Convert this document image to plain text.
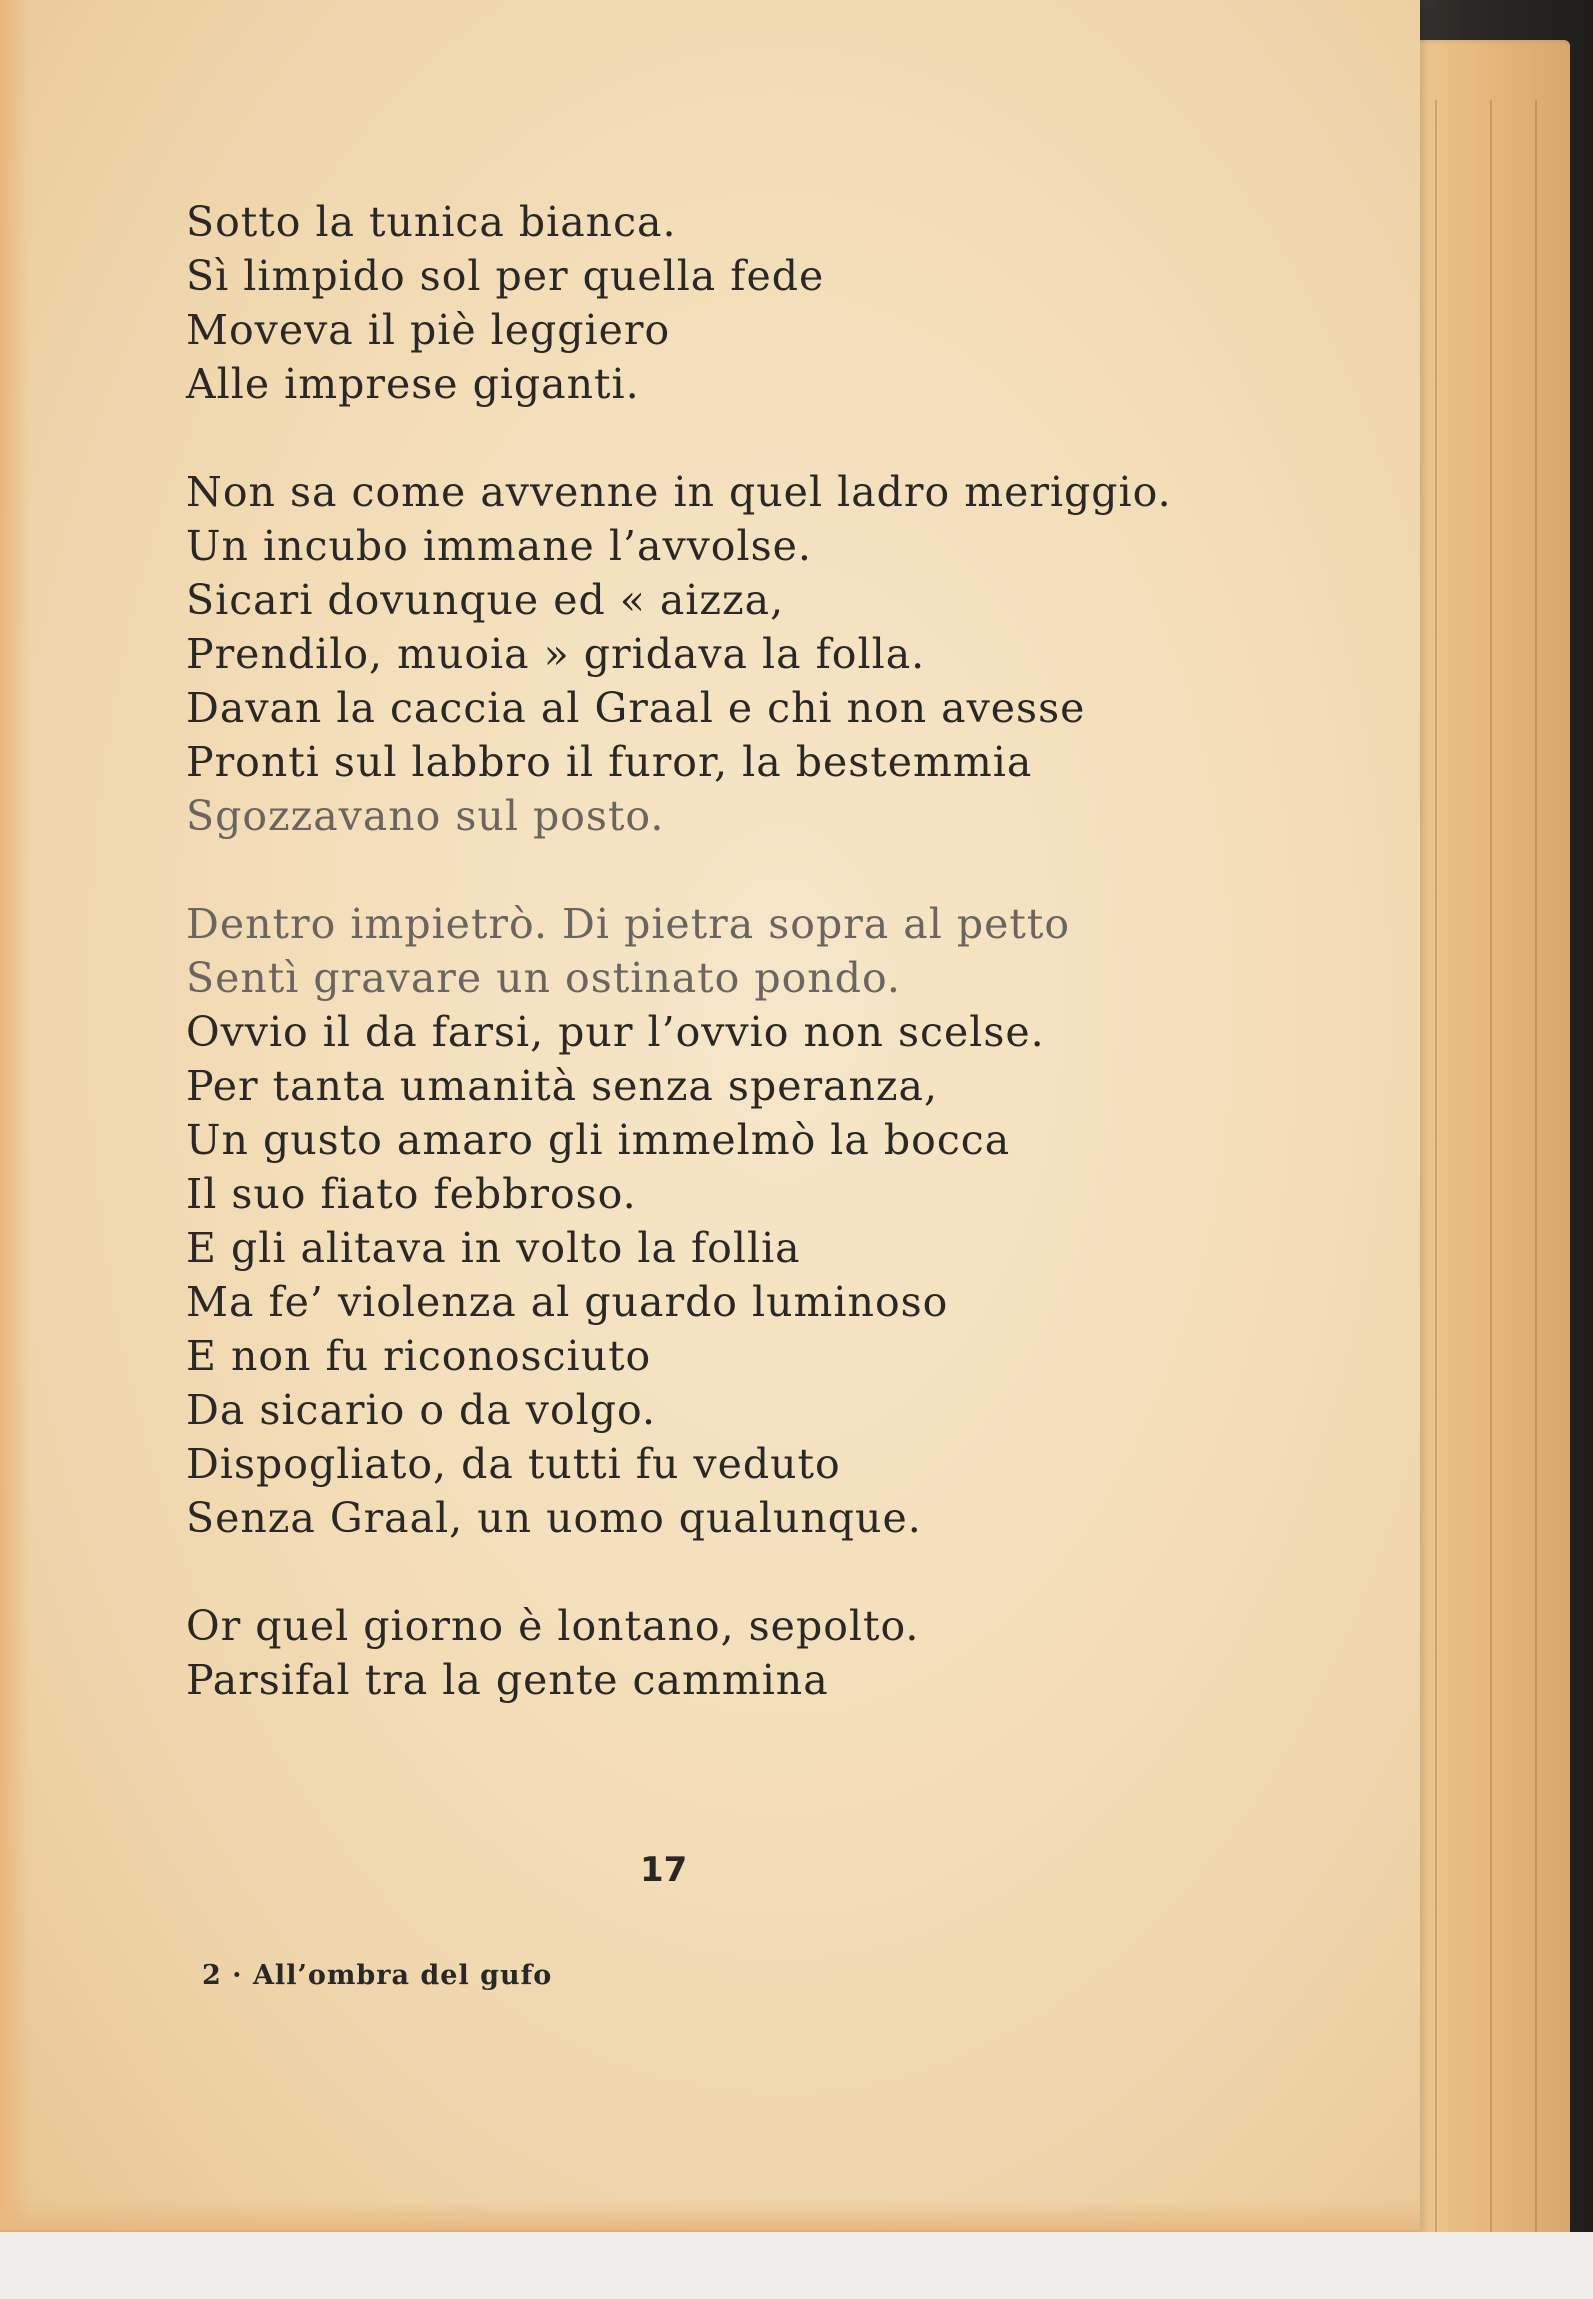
Sotto la tunica bianca.
Sì limpido sol per quella fede
Moveva il piè leggiero
Alle imprese giganti.
Non sa come avvenne in quel ladro meriggio.
Un incubo immane l’avvolse.
Sicari dovunque ed « aizza,
Prendilo, muoia » gridava la folla.
Davan la caccia al Graal e chi non avesse
Pronti sul labbro il furor, la bestemmia
Sgozzavano sul posto.
Dentro impietrò. Di pietra sopra al petto
Sentì gravare un ostinato pondo.
Ovvio il da farsi, pur l’ovvio non scelse.
Per tanta umanità senza speranza,
Un gusto amaro gli immelmò la bocca
Il suo fiato febbroso.
E gli alitava in volto la follia
Ma fe’ violenza al guardo luminoso
E non fu riconosciuto
Da sicario o da volgo.
Dispogliato, da tutti fu veduto
Senza Graal, un uomo qualunque.
Or quel giorno è lontano, sepolto.
Parsifal tra la gente cammina
17
2 · All’ombra del gufo
